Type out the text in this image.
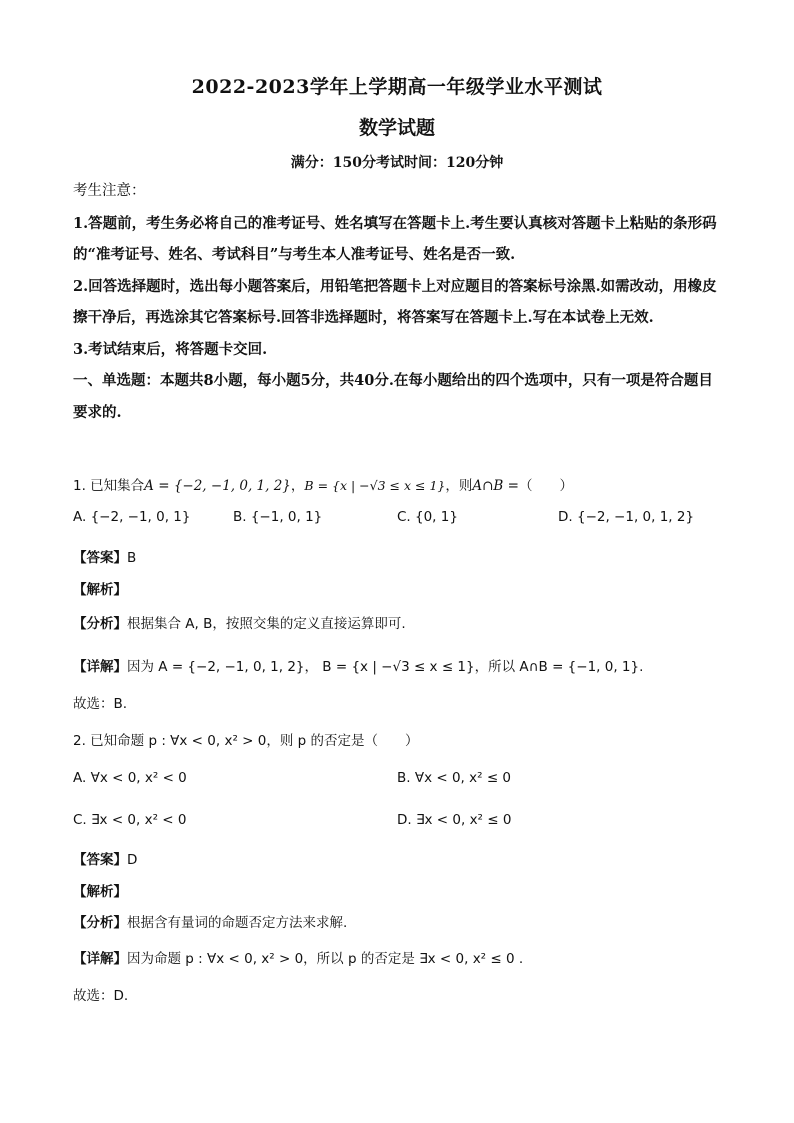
2022-2023学年上学期高一年级学业水平测试
数学试题
满分：150分考试时间：120分钟

考生注意：

1.答题前，考生务必将自己的准考证号、姓名填写在答题卡上.考生要认真核对答题卡上粘贴的条形码的“准考证号、姓名、考试科目”与考生本人准考证号、姓名是否一致.

2.回答选择题时，选出每小题答案后，用铅笔把答题卡上对应题目的答案标号涂黑.如需改动，用橡皮擦干净后，再选涂其它答案标号.回答非选择题时，将答案写在答题卡上.写在本试卷上无效.

3.考试结束后，将答题卡交回.

一、单选题：本题共8小题，每小题5分，共40分.在每小题给出的四个选项中，只有一项是符合题目要求的.

1. 已知集合A = {−2, −1, 0, 1, 2}，B = {x | −√3 ≤ x ≤ 1}，则A∩B =（　　）
A. {−2, −1, 0, 1}	B. {−1, 0, 1}	C. {0, 1}	D. {−2, −1, 0, 1, 2}
【答案】B
【解析】
【分析】根据集合 A, B，按照交集的定义直接运算即可.
【详解】因为 A = {−2, −1, 0, 1, 2}， B = {x | −√3 ≤ x ≤ 1}，所以 A∩B = {−1, 0, 1}.
故选：B.
2. 已知命题 p : ∀x < 0, x² > 0，则 p 的否定是（　　）
A. ∀x < 0, x² < 0	B. ∀x < 0, x² ≤ 0
C. ∃x < 0, x² < 0	D. ∃x < 0, x² ≤ 0
【答案】D
【解析】
【分析】根据含有量词的命题否定方法来求解.
【详解】因为命题 p : ∀x < 0, x² > 0，所以 p 的否定是 ∃x < 0, x² ≤ 0 .
故选：D.
